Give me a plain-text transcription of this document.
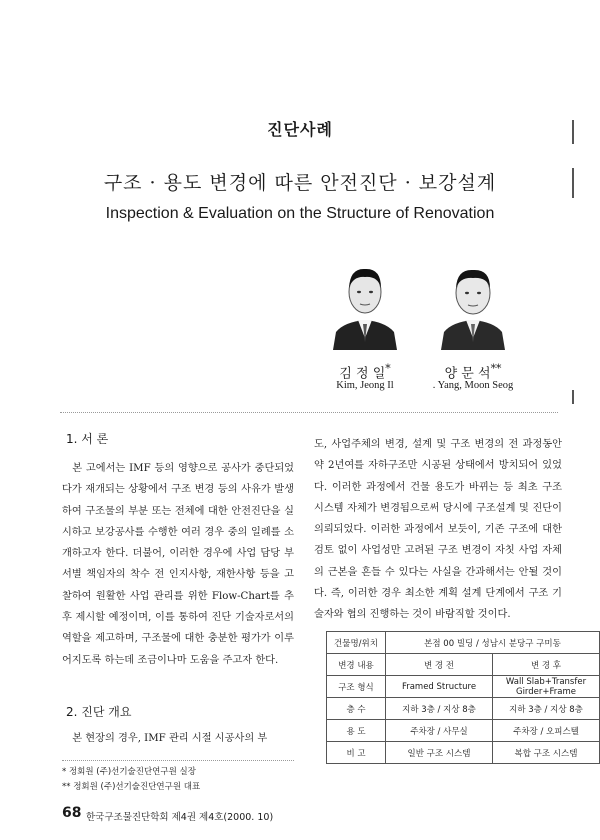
진단사례
구조 · 용도 변경에 따른 안전진단 · 보강설계
Inspection & Evaluation on the Structure of Renovation
김 정 일*	양 문 석**
Kim, Jeong Il	. Yang, Moon Seog
1. 서 론

본 고에서는 IMF 등의 영향으로 공사가 중단되었다가 재개되는 상황에서 구조 변경 등의 사유가 발생하여 구조물의 부분 또는 전체에 대한 안전진단을 실시하고 보강공사를 수행한 여러 경우 중의 일례를 소개하고자 한다. 더불어, 이러한 경우에 사업 담당 부서별 책임자의 착수 전 인지사항, 재한사항 등을 고찰하여 원활한 사업 관리를 위한 Flow-Chart를 추후 제시할 예정이며, 이를 통하여 진단 기술자로서의 역할을 제고하며, 구조물에 대한 충분한 평가가 이루어지도록 하는데 조금이나마 도움을 주고자 한다.

2. 진단 개요

본 현장의 경우, IMF 관리 시절 시공사의 부

* 정회원 (주)선기술진단연구원 실장
** 정회원 (주)선기술진단연구원 대표

도, 사업주체의 변경, 설계 및 구조 변경의 전 과정동안 약 2년여를 자하구조만 시공된 상태에서 방치되어 있었다. 이러한 과정에서 건물 용도가 바뀌는 등 최초 구조 시스템 자체가 변경됨으로써 당시에 구조설계 및 진단이 의뢰되었다. 이러한 과정에서 보듯이, 기존 구조에 대한 검토 없이 사업성만 고려된 구조 변경이 자칫 사업 자체의 근본을 흔들 수 있다는 사실을 간과해서는 안될 것이다. 즉, 이러한 경우 최소한 계획 설계 단계에서 구조 기술자와 협의 진행하는 것이 바람직할 것이다.

건물명/위치	본점 00 빌딩 / 성남시 분당구 구미동	
변경 내용	변 경 전	변 경 후
구조 형식	Framed Structure	Wall Slab+Transfer Girder+Frame
층 수	지하 3층 / 지상 8층	지하 3층 / 지상 8층
용 도	주차장 / 사무실	주차장 / 오피스텔
비 고	일반 구조 시스템	복합 구조 시스템
68 한국구조물진단학회 제4권 제4호(2000. 10)
